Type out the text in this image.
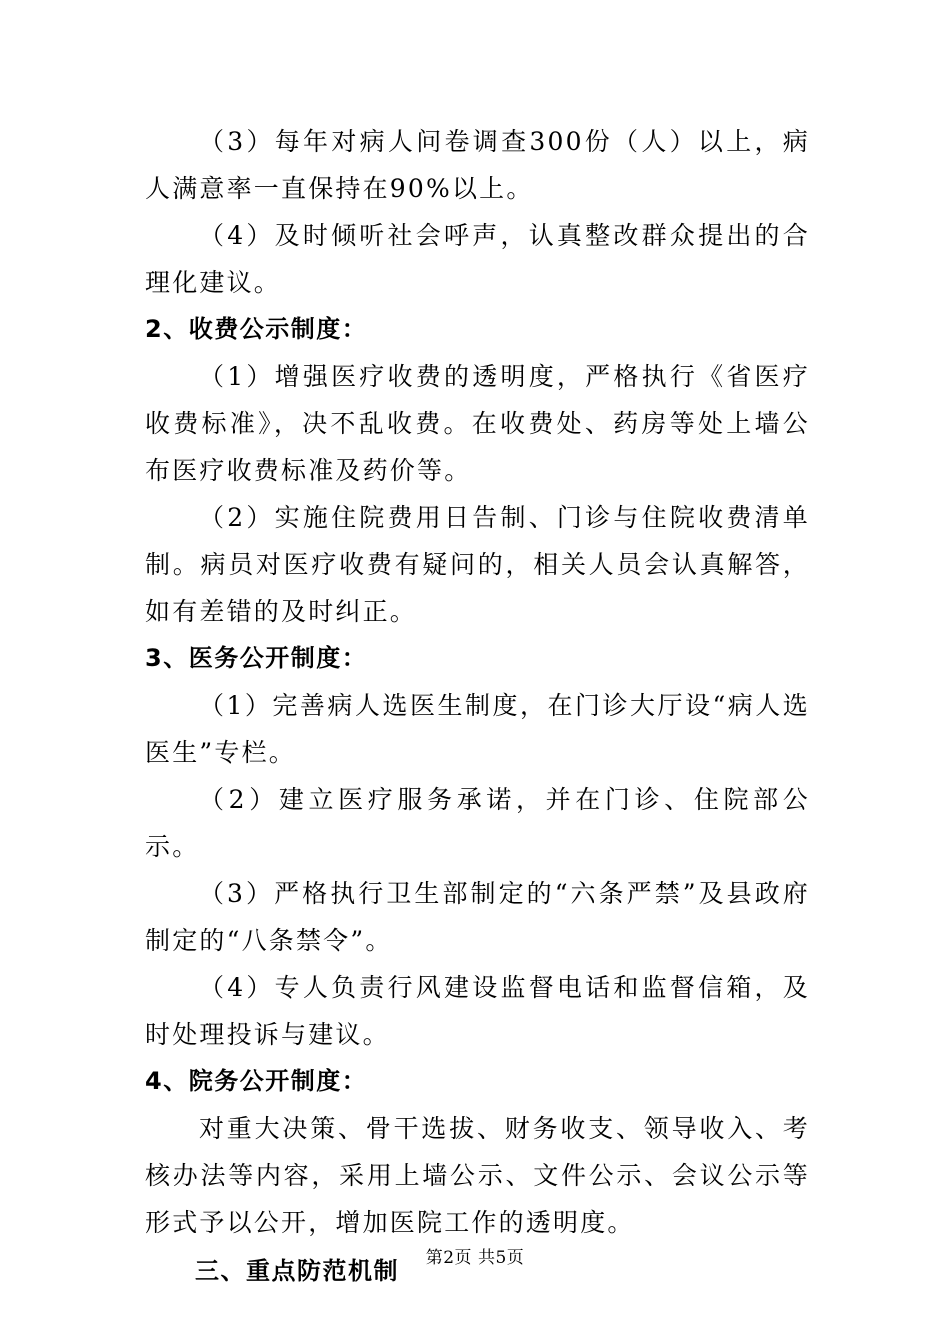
（3）每年对病人问卷调查300份（人）以上，病人满意率一直保持在90%以上。

（4）及时倾听社会呼声，认真整改群众提出的合理化建议。

2、收费公示制度：

（1）增强医疗收费的透明度，严格执行《省医疗收费标准》，决不乱收费。在收费处、药房等处上墙公布医疗收费标准及药价等。

（2）实施住院费用日告制、门诊与住院收费清单制。病员对医疗收费有疑问的，相关人员会认真解答，如有差错的及时纠正。

3、医务公开制度：

（1）完善病人选医生制度，在门诊大厅设“病人选医生”专栏。

（2）建立医疗服务承诺，并在门诊、住院部公示。

（3）严格执行卫生部制定的“六条严禁”及县政府制定的“八条禁令”。

（4）专人负责行风建设监督电话和监督信箱，及时处理投诉与建议。

4、院务公开制度：

对重大决策、骨干选拔、财务收支、领导收入、考核办法等内容，采用上墙公示、文件公示、会议公示等形式予以公开，增加医院工作的透明度。

三、重点防范机制	第2页 共5页
